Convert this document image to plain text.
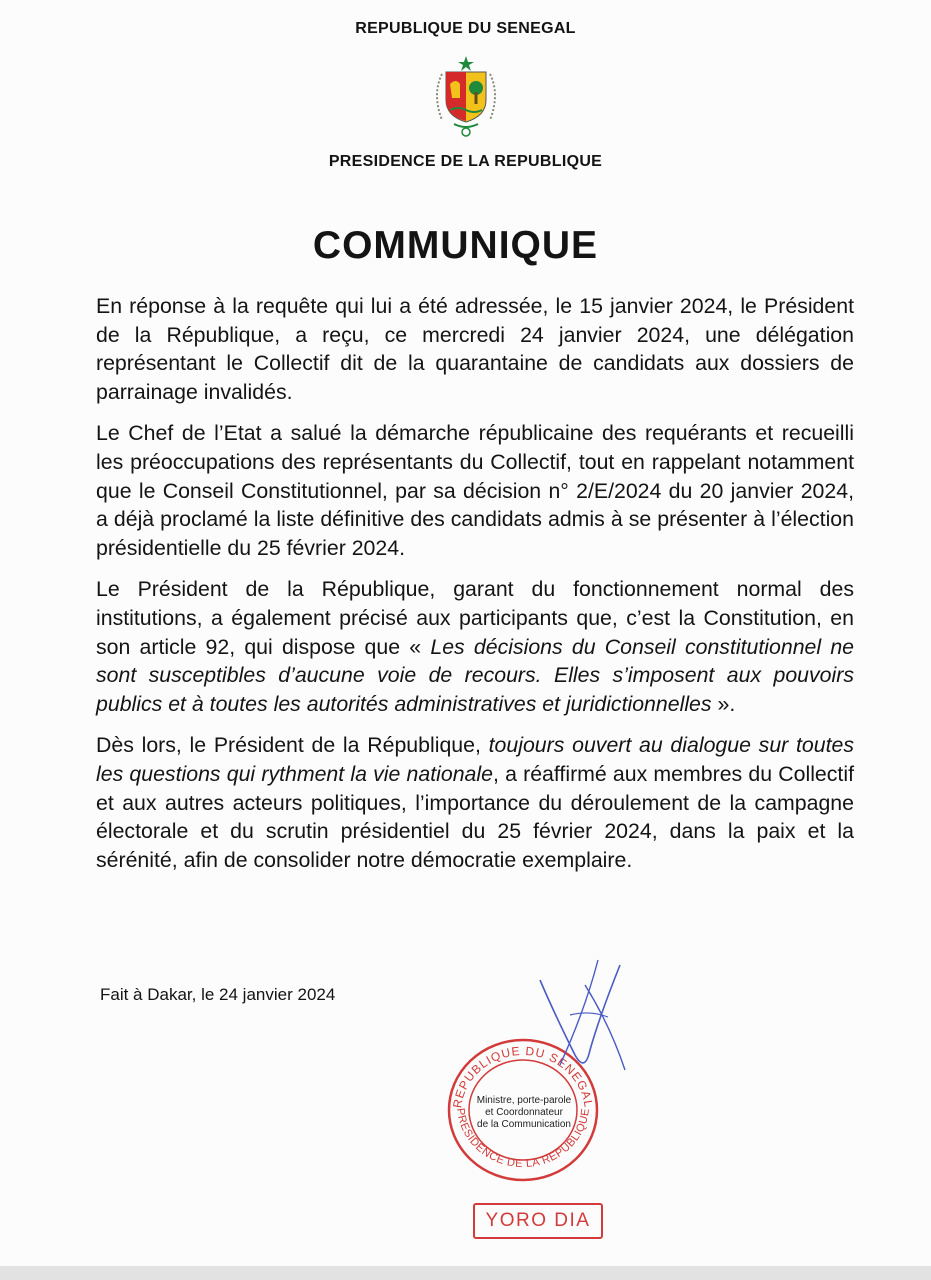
REPUBLIQUE DU SENEGAL
PRESIDENCE DE LA REPUBLIQUE
COMMUNIQUE

En réponse à la requête qui lui a été adressée, le 15 janvier 2024, le Président de la République, a reçu, ce mercredi 24 janvier 2024, une délégation représentant le Collectif dit de la quarantaine de candidats aux dossiers de parrainage invalidés.

Le Chef de l’Etat a salué la démarche républicaine des requérants et recueilli les préoccupations des représentants du Collectif, tout en rappelant notamment que le Conseil Constitutionnel, par sa décision n° 2/E/2024 du 20 janvier 2024, a déjà proclamé la liste définitive des candidats admis à se présenter à l’élection présidentielle du 25 février 2024.

Le Président de la République, garant du fonctionnement normal des institutions, a également précisé aux participants que, c’est la Constitution, en son article 92, qui dispose que « Les décisions du Conseil constitutionnel ne sont susceptibles d’aucune voie de recours. Elles s’imposent aux pouvoirs publics et à toutes les autorités administratives et juridictionnelles ».

Dès lors, le Président de la République, toujours ouvert au dialogue sur toutes les questions qui rythment la vie nationale, a réaffirmé aux membres du Collectif et aux autres acteurs politiques, l’importance du déroulement de la campagne électorale et du scrutin présidentiel du 25 février 2024, dans la paix et la sérénité, afin de consolider notre démocratie exemplaire.

Fait à Dakar, le 24 janvier 2024
REPUBLIQUE DU SENEGAL
PRESIDENCE DE LA REPUBLIQUE
Ministre, porte-parole
et Coordonnateur
de la Communication
YORO DIA
